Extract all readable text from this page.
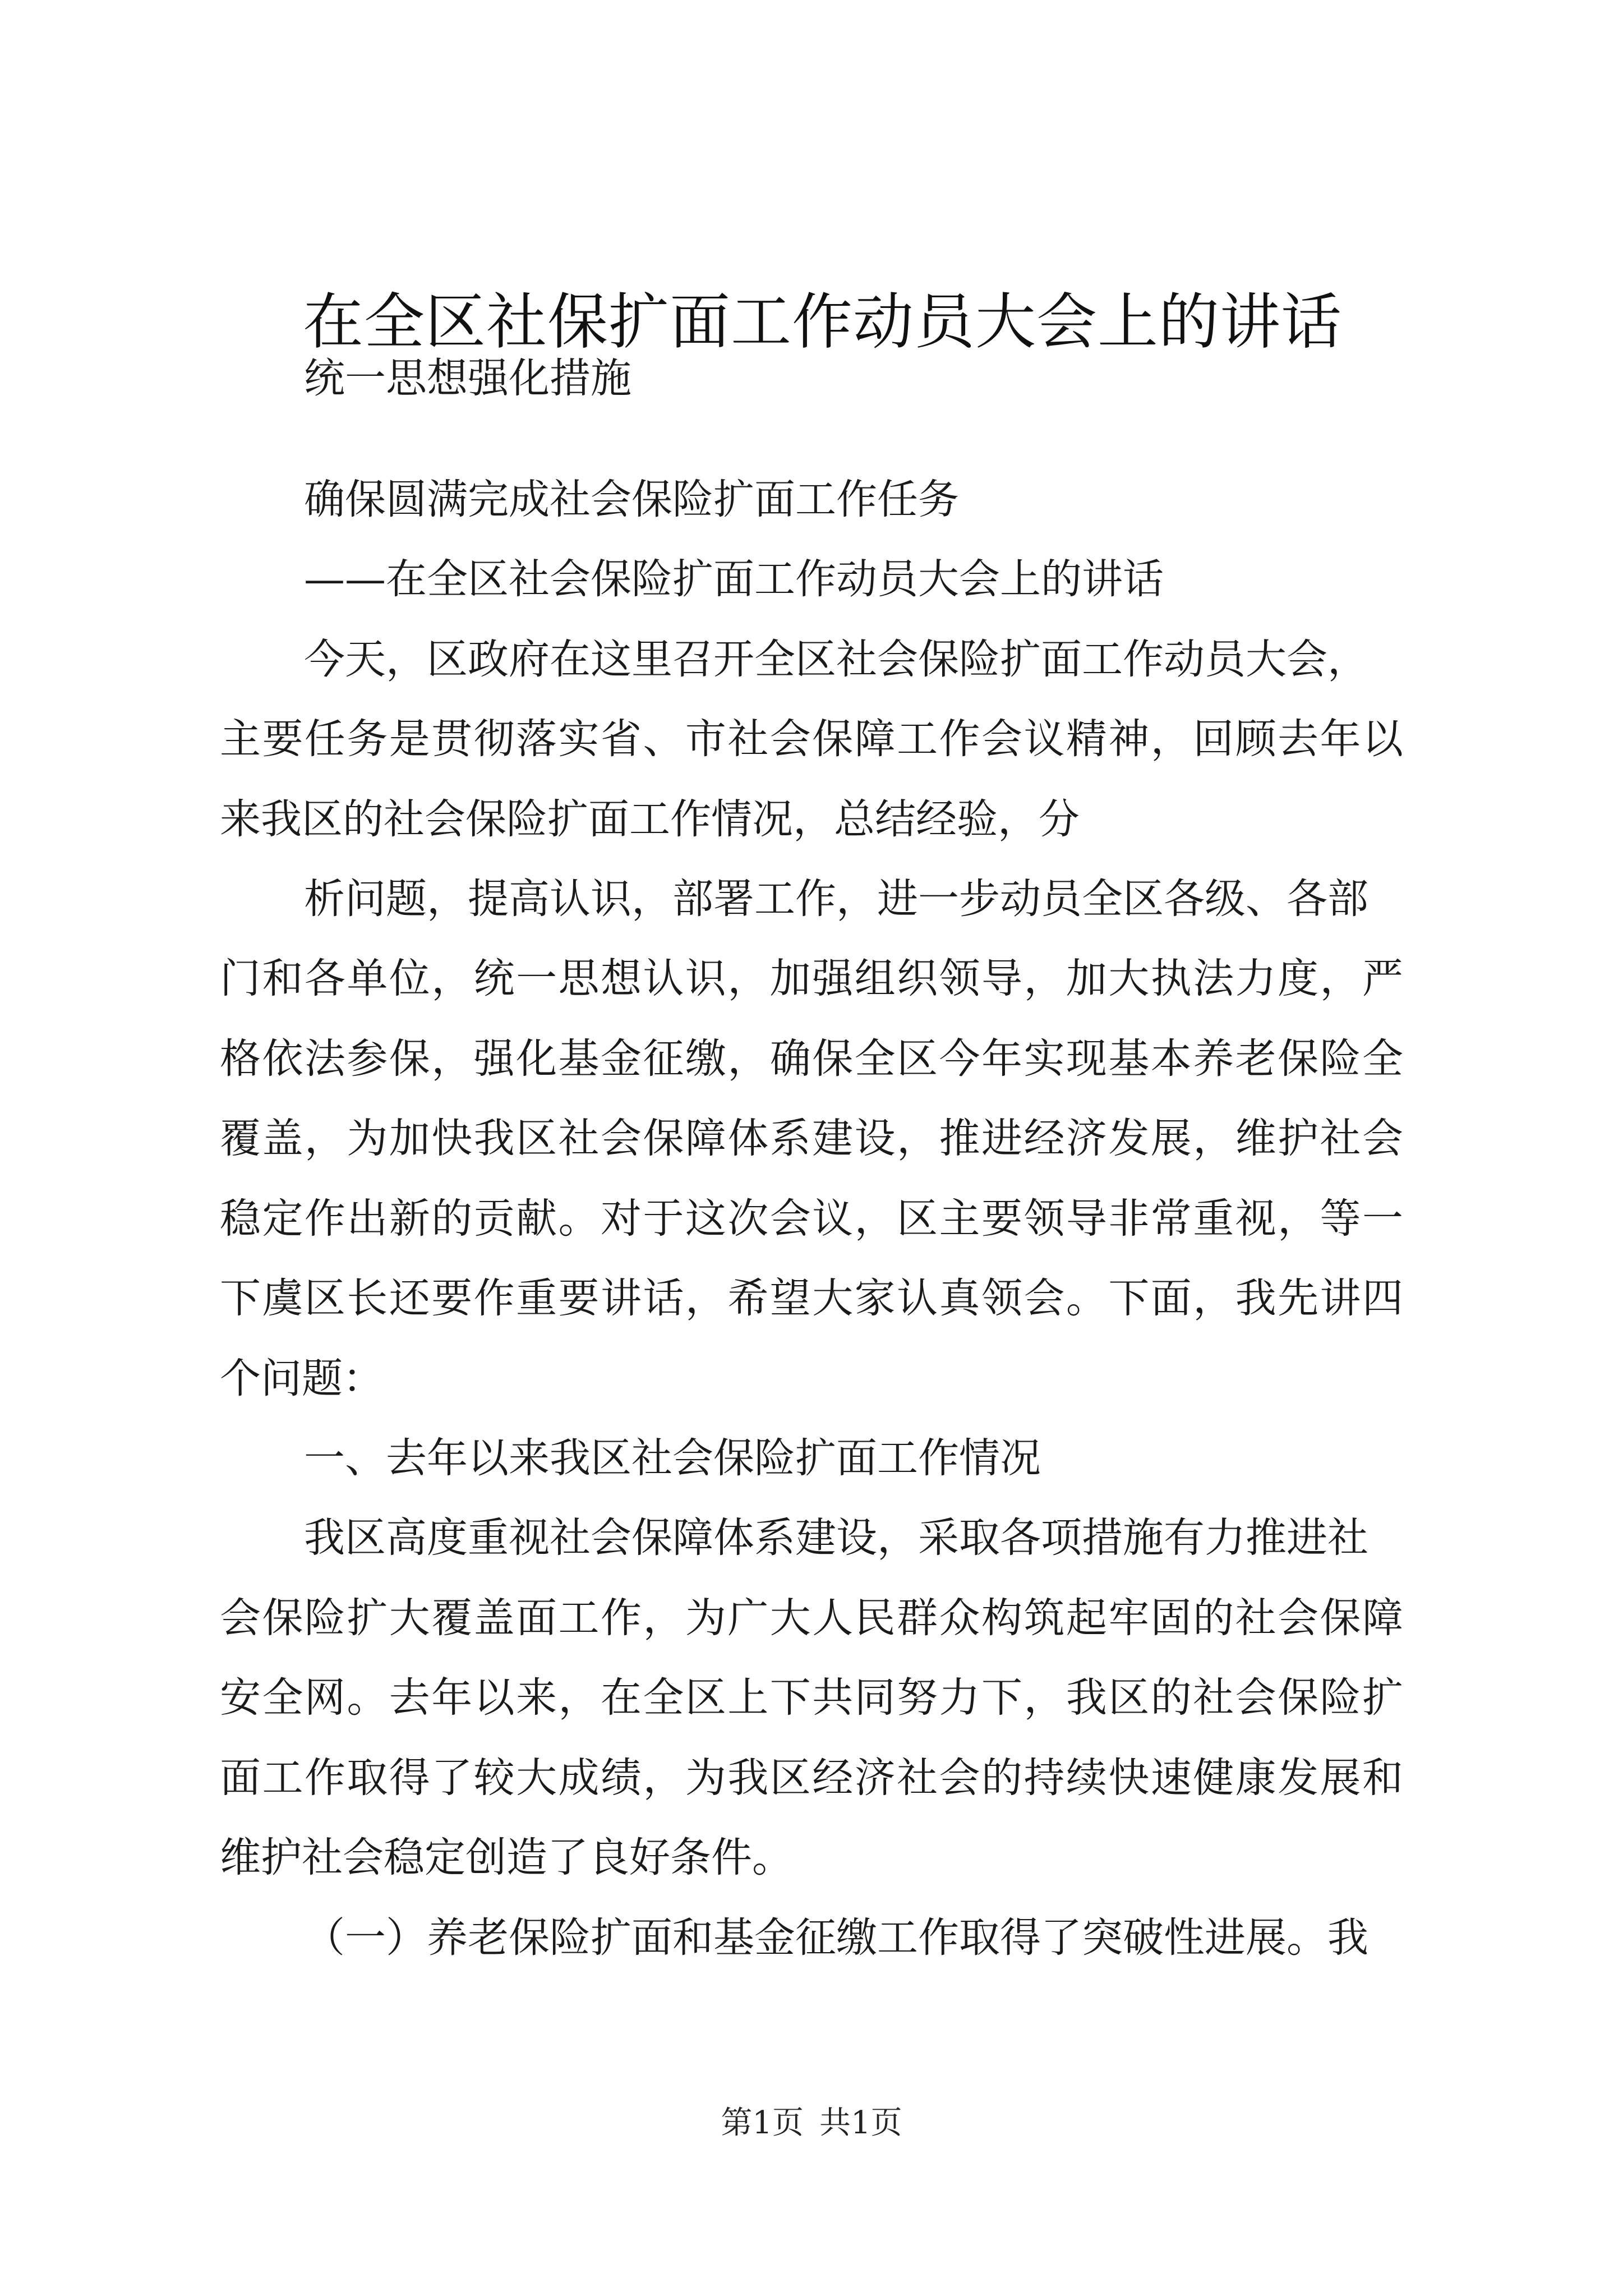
在全区社保扩面工作动员大会上的讲话
统一思想强化措施
确保圆满完成社会保险扩面工作任务
——在全区社会保险扩面工作动员大会上的讲话
今天，区政府在这里召开全区社会保险扩面工作动员大会，
主要任务是贯彻落实省、市社会保障工作会议精神，回顾去年以
来我区的社会保险扩面工作情况，总结经验，分
析问题，提高认识，部署工作，进一步动员全区各级、各部
门和各单位，统一思想认识，加强组织领导，加大执法力度，严
格依法参保，强化基金征缴，确保全区今年实现基本养老保险全
覆盖，为加快我区社会保障体系建设，推进经济发展，维护社会
稳定作出新的贡献。对于这次会议，区主要领导非常重视，等一
下虞区长还要作重要讲话，希望大家认真领会。下面，我先讲四
个问题：
一、去年以来我区社会保险扩面工作情况
我区高度重视社会保障体系建设，采取各项措施有力推进社
会保险扩大覆盖面工作，为广大人民群众构筑起牢固的社会保障
安全网。去年以来，在全区上下共同努力下，我区的社会保险扩
面工作取得了较大成绩，为我区经济社会的持续快速健康发展和
维护社会稳定创造了良好条件。
（一）养老保险扩面和基金征缴工作取得了突破性进展。我
第1页 共1页
